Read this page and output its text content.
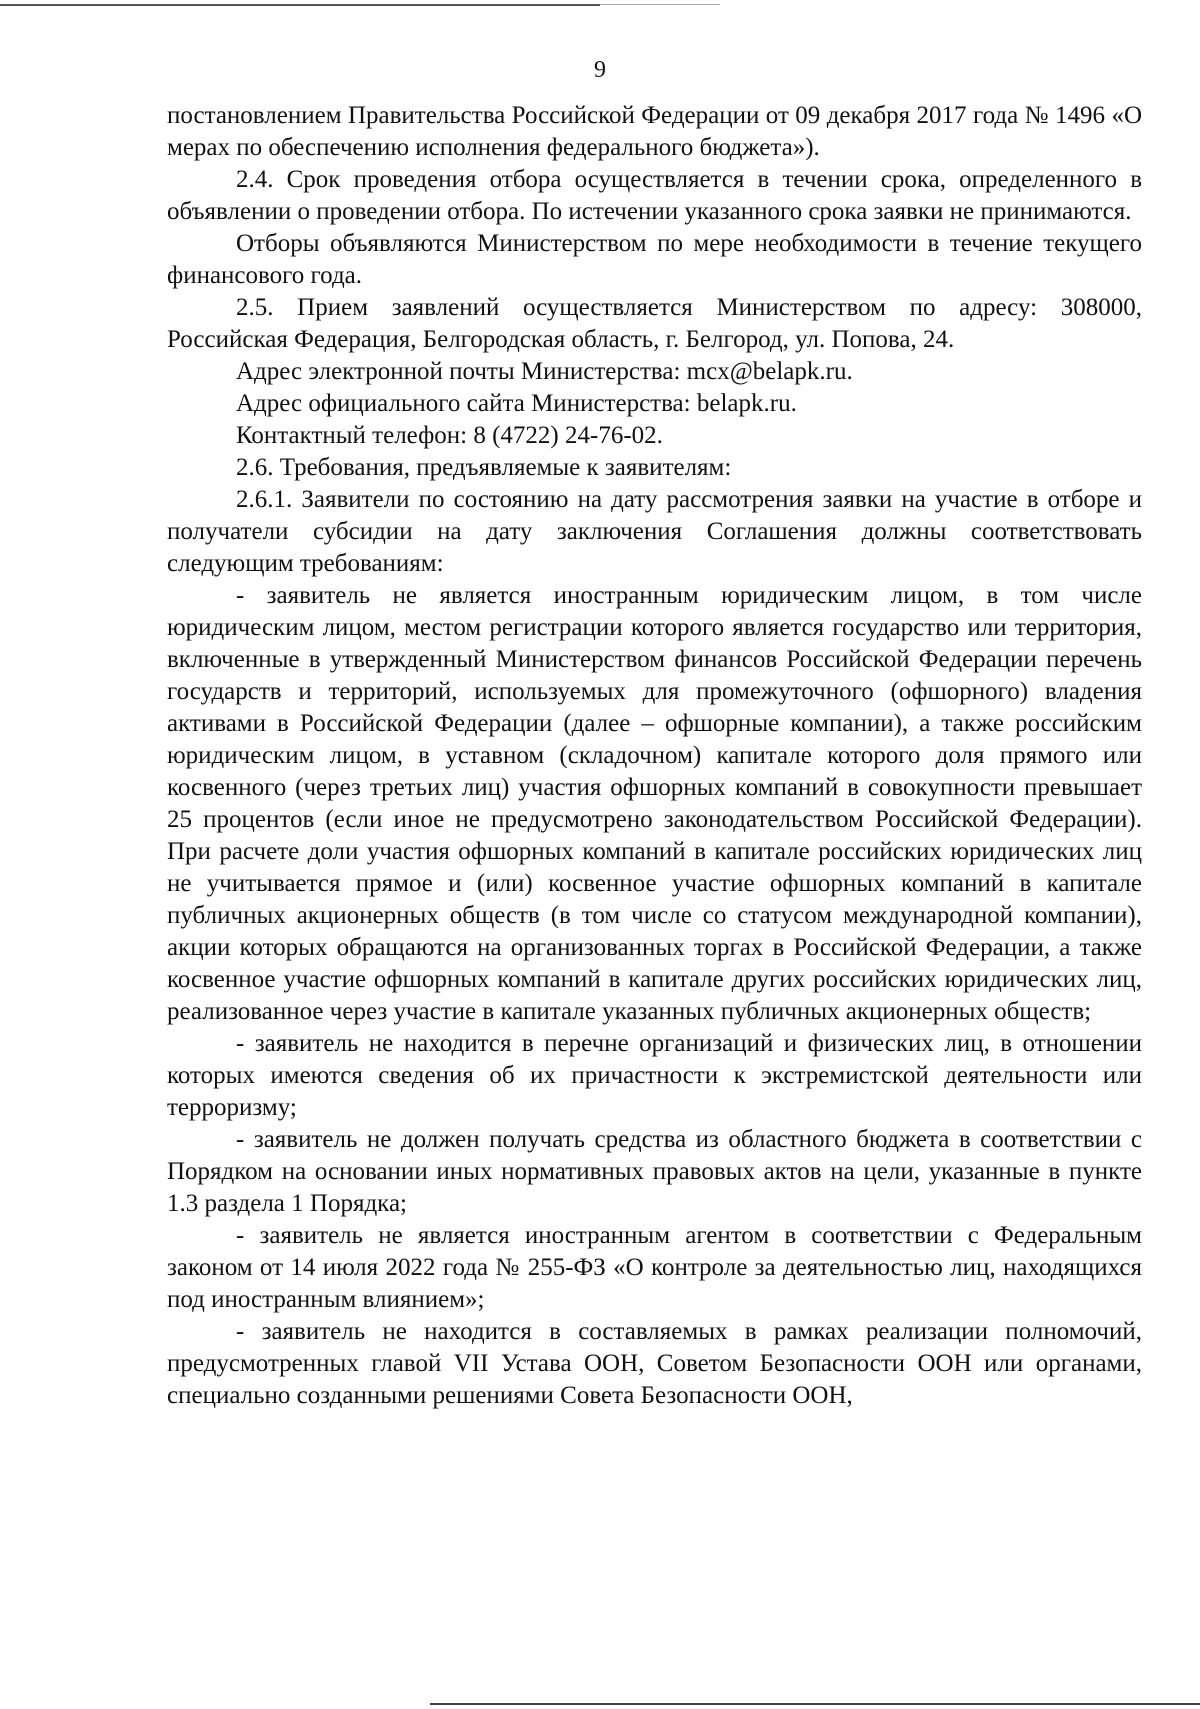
9

постановлением Правительства Российской Федерации от 09 декабря 2017 года № 1496 «О мерах по обеспечению исполнения федерального бюджета»).

2.4. Срок проведения отбора осуществляется в течении срока, определенного в объявлении о проведении отбора. По истечении указанного срока заявки не принимаются.

Отборы объявляются Министерством по мере необходимости в течение текущего финансового года.

2.5. Прием заявлений осуществляется Министерством по адресу: 308000, Российская Федерация, Белгородская область, г. Белгород, ул. Попова, 24.

Адрес электронной почты Министерства: mcx@belapk.ru.

Адрес официального сайта Министерства: belapk.ru.

Контактный телефон: 8 (4722) 24-76-02.

2.6. Требования, предъявляемые к заявителям:

2.6.1. Заявители по состоянию на дату рассмотрения заявки на участие в отборе и получатели субсидии на дату заключения Соглашения должны соответствовать следующим требованиям:

- заявитель не является иностранным юридическим лицом, в том числе юридическим лицом, местом регистрации которого является государство или территория, включенные в утвержденный Министерством финансов Российской Федерации перечень государств и территорий, используемых для промежуточного (офшорного) владения активами в Российской Федерации (далее – офшорные компании), а также российским юридическим лицом, в уставном (складочном) капитале которого доля прямого или косвенного (через третьих лиц) участия офшорных компаний в совокупности превышает 25 процентов (если иное не предусмотрено законодательством Российской Федерации). При расчете доли участия офшорных компаний в капитале российских юридических лиц не учитывается прямое и (или) косвенное участие офшорных компаний в капитале публичных акционерных обществ (в том числе со статусом международной компании), акции которых обращаются на организованных торгах в Российской Федерации, а также косвенное участие офшорных компаний в капитале других российских юридических лиц, реализованное через участие в капитале указанных публичных акционерных обществ;

- заявитель не находится в перечне организаций и физических лиц, в отношении которых имеются сведения об их причастности к экстремистской деятельности или терроризму;

- заявитель не должен получать средства из областного бюджета в соответствии с Порядком на основании иных нормативных правовых актов на цели, указанные в пункте 1.3 раздела 1 Порядка;

- заявитель не является иностранным агентом в соответствии с Федеральным законом от 14 июля 2022 года № 255-ФЗ «О контроле за деятельностью лиц, находящихся под иностранным влиянием»;

- заявитель не находится в составляемых в рамках реализации полномочий, предусмотренных главой VII Устава ООН, Советом Безопасности ООН или органами, специально созданными решениями Совета Безопасности ООН,
